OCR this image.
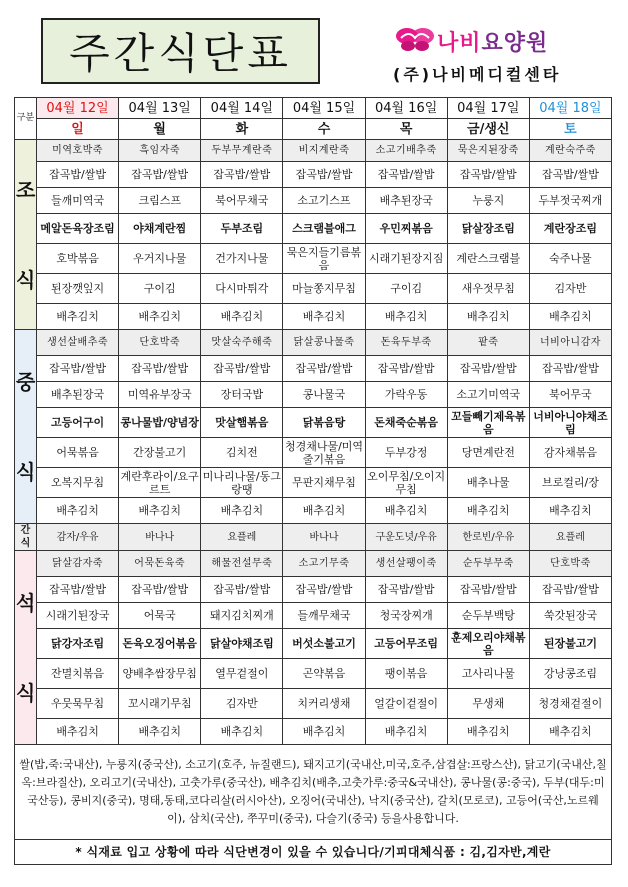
주간식단표	나비요양원
(주)나비메디컬센타
구분	04월 12일	04월 13일	04월 14일	04월 15일	04월 16일	04월 17일	04월 18일
	일	월	화	수	목	금/생신	토

조
식	미역호박죽	흑임자죽	두부무계란죽	비지계란죽	소고기배추죽	묵은지된장죽	계란숙주죽
	잡곡밥/쌀밥	잡곡밥/쌀밥	잡곡밥/쌀밥	잡곡밥/쌀밥	잡곡밥/쌀밥	잡곡밥/쌀밥	잡곡밥/쌀밥
	들깨미역국	크림스프	북어무채국	소고기스프	배추된장국	누룽지	두부젓국찌개
	메알돈육장조림	야채계란찜	두부조림	스크램블애그	우민찌볶음	닭살장조림	계란장조림
	호박볶음	우거지나물	건가지나물	묵은지들기름볶음	시래기된장지짐	계란스크램블	숙주나물
	된장깻잎지	구이김	다시마튀각	마늘쫑지무침	구이김	새우젓무침	김자반
	배추김치	배추김치	배추김치	배추김치	배추김치	배추김치	배추김치

중
식	생선살배추죽	단호박죽	맛살숙주해죽	닭살콩나물죽	돈육두부죽	팥죽	너비아니감자
	잡곡밥/쌀밥	잡곡밥/쌀밥	잡곡밥/쌀밥	잡곡밥/쌀밥	잡곡밥/쌀밥	잡곡밥/쌀밥	잡곡밥/쌀밥
	배추된장국	미역유부장국	장터국밥	콩나물국	가락우동	소고기미역국	북어무국
	고등어구이	콩나물밥/양념장	맛살햄볶음	닭볶음탕	돈채죽순볶음	꼬들빼기제육볶음	너비아니야채조림
	어묵볶음	간장불고기	김치전	청경채나물/미역줄기볶음	두부강정	당면계란전	감자채볶음
	오복지무침	계란후라이/요구르트	미나리나물/동그랑땡	무판지채무침	오이무침/오이지무침	배추나물	브로컬리/장
	배추김치	배추김치	배추김치	배추김치	배추김치	배추김치	배추김치
간식	감자/우유	바나나	요플레	바나나	구운도넛/우유	한로빈/우유	요플레

석
식	닭살감자죽	어묵돈육죽	해물전설무죽	소고기무죽	생선살팽이죽	순두부무죽	단호박죽
	잡곡밥/쌀밥	잡곡밥/쌀밥	잡곡밥/쌀밥	잡곡밥/쌀밥	잡곡밥/쌀밥	잡곡밥/쌀밥	잡곡밥/쌀밥
	시래기된장국	어묵국	돼지김치찌개	들깨무채국	청국장찌개	순두부백탕	쑥갓된장국
	닭강자조림	돈육오징어볶음	닭살야채조림	버섯소불고기	고등어무조림	훈제오리야채볶음	된장불고기
	잔멸치볶음	양배추쌈장무침	열무겉절이	곤약볶음	팽이볶음	고사리나물	강낭콩조림
	우뭇묵무침	꼬시래기무침	김자반	치커리생채	얼갈이겉절이	무생채	청경채겉절이
	배추김치	배추김치	배추김치	배추김치	배추김치	배추김치	배추김치
쌀(밥,죽:국내산), 누룽지(중국산), 소고기(호주, 뉴질랜드), 돼지고기(국내산,미국,호주,삼겹살:프랑스산), 닭고기(국내산,칠옥:브라질산), 오리고기(국내산), 고춧가루(중국산), 배추김치(배추,고춧가루:중국&국내산), 콩나물(콩:중국), 두부(대두:미국산등), 콩비지(중국), 명태,동태,코다리살(러시아산), 오징어(국내산), 낙지(중국산), 갈치(모로코), 고등어(국산,노르웨이), 삼치(국산), 쭈꾸미(중국), 다슬기(중국) 등을사용합니다.							
* 식재료 입고 상황에 따라 식단변경이 있을 수 있습니다/기피대체식품 : 김,김자반,계란							
